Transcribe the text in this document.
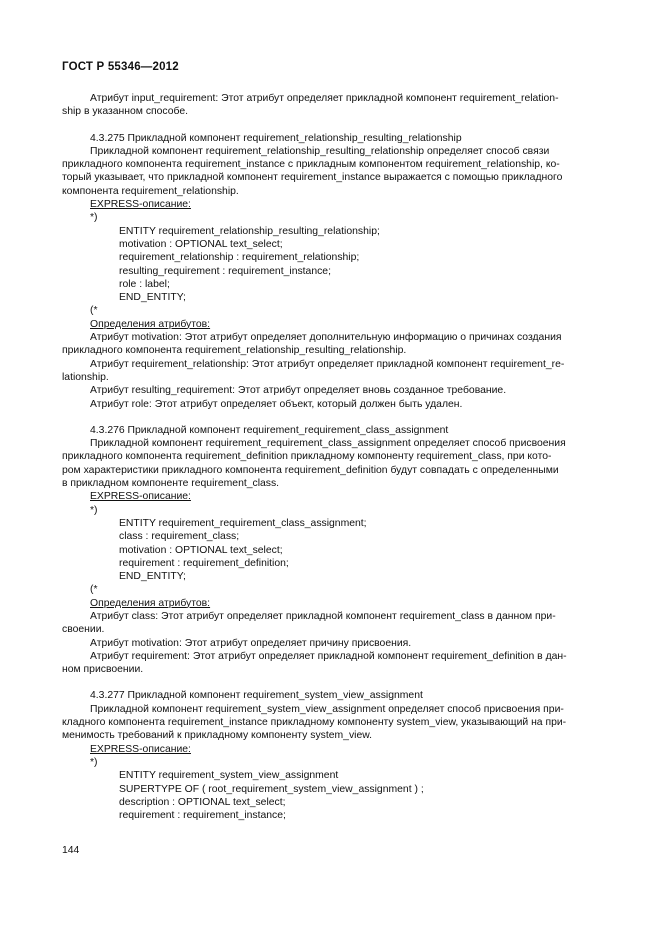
ГОСТ Р 55346—2012

Атрибут input_requirement: Этот атрибут определяет прикладной компонент requirement_relation-

ship в указанном способе.

4.3.275 Прикладной компонент requirement_relationship_resulting_relationship

Прикладной компонент requirement_relationship_resulting_relationship определяет способ связи

прикладного компонента requirement_instance с прикладным компонентом requirement_relationship, ко-

торый указывает, что прикладной компонент requirement_instance выражается с помощью прикладного

компонента requirement_relationship.

EXPRESS-описание:

*)

ENTITY requirement_relationship_resulting_relationship;

motivation : OPTIONAL text_select;

requirement_relationship : requirement_relationship;

resulting_requirement : requirement_instance;

role : label;

END_ENTITY;

(*

Определения атрибутов:

Атрибут motivation: Этот атрибут определяет дополнительную информацию о причинах создания

прикладного компонента requirement_relationship_resulting_relationship.

Атрибут requirement_relationship: Этот атрибут определяет прикладной компонент requirement_re-

lationship.

Атрибут resulting_requirement: Этот атрибут определяет вновь созданное требование.

Атрибут role: Этот атрибут определяет объект, который должен быть удален.

4.3.276 Прикладной компонент requirement_requirement_class_assignment

Прикладной компонент requirement_requirement_class_assignment определяет способ присвоения

прикладного компонента requirement_definition прикладному компоненту requirement_class, при кото-

ром характеристики прикладного компонента requirement_definition будут совпадать с определенными

в прикладном компоненте requirement_class.

EXPRESS-описание:

*)

ENTITY requirement_requirement_class_assignment;

class : requirement_class;

motivation : OPTIONAL text_select;

requirement : requirement_definition;

END_ENTITY;

(*

Определения атрибутов:

Атрибут class: Этот атрибут определяет прикладной компонент requirement_class в данном при-

своении.

Атрибут motivation: Этот атрибут определяет причину присвоения.

Атрибут requirement: Этот атрибут определяет прикладной компонент requirement_definition в дан-

ном присвоении.

4.3.277 Прикладной компонент requirement_system_view_assignment

Прикладной компонент requirement_system_view_assignment определяет способ присвоения при-

кладного компонента requirement_instance прикладному компоненту system_view, указывающий на при-

менимость требований к прикладному компоненту system_view.

EXPRESS-описание:

*)

ENTITY requirement_system_view_assignment

SUPERTYPE OF ( root_requirement_system_view_assignment ) ;

description : OPTIONAL text_select;

requirement : requirement_instance;

144
